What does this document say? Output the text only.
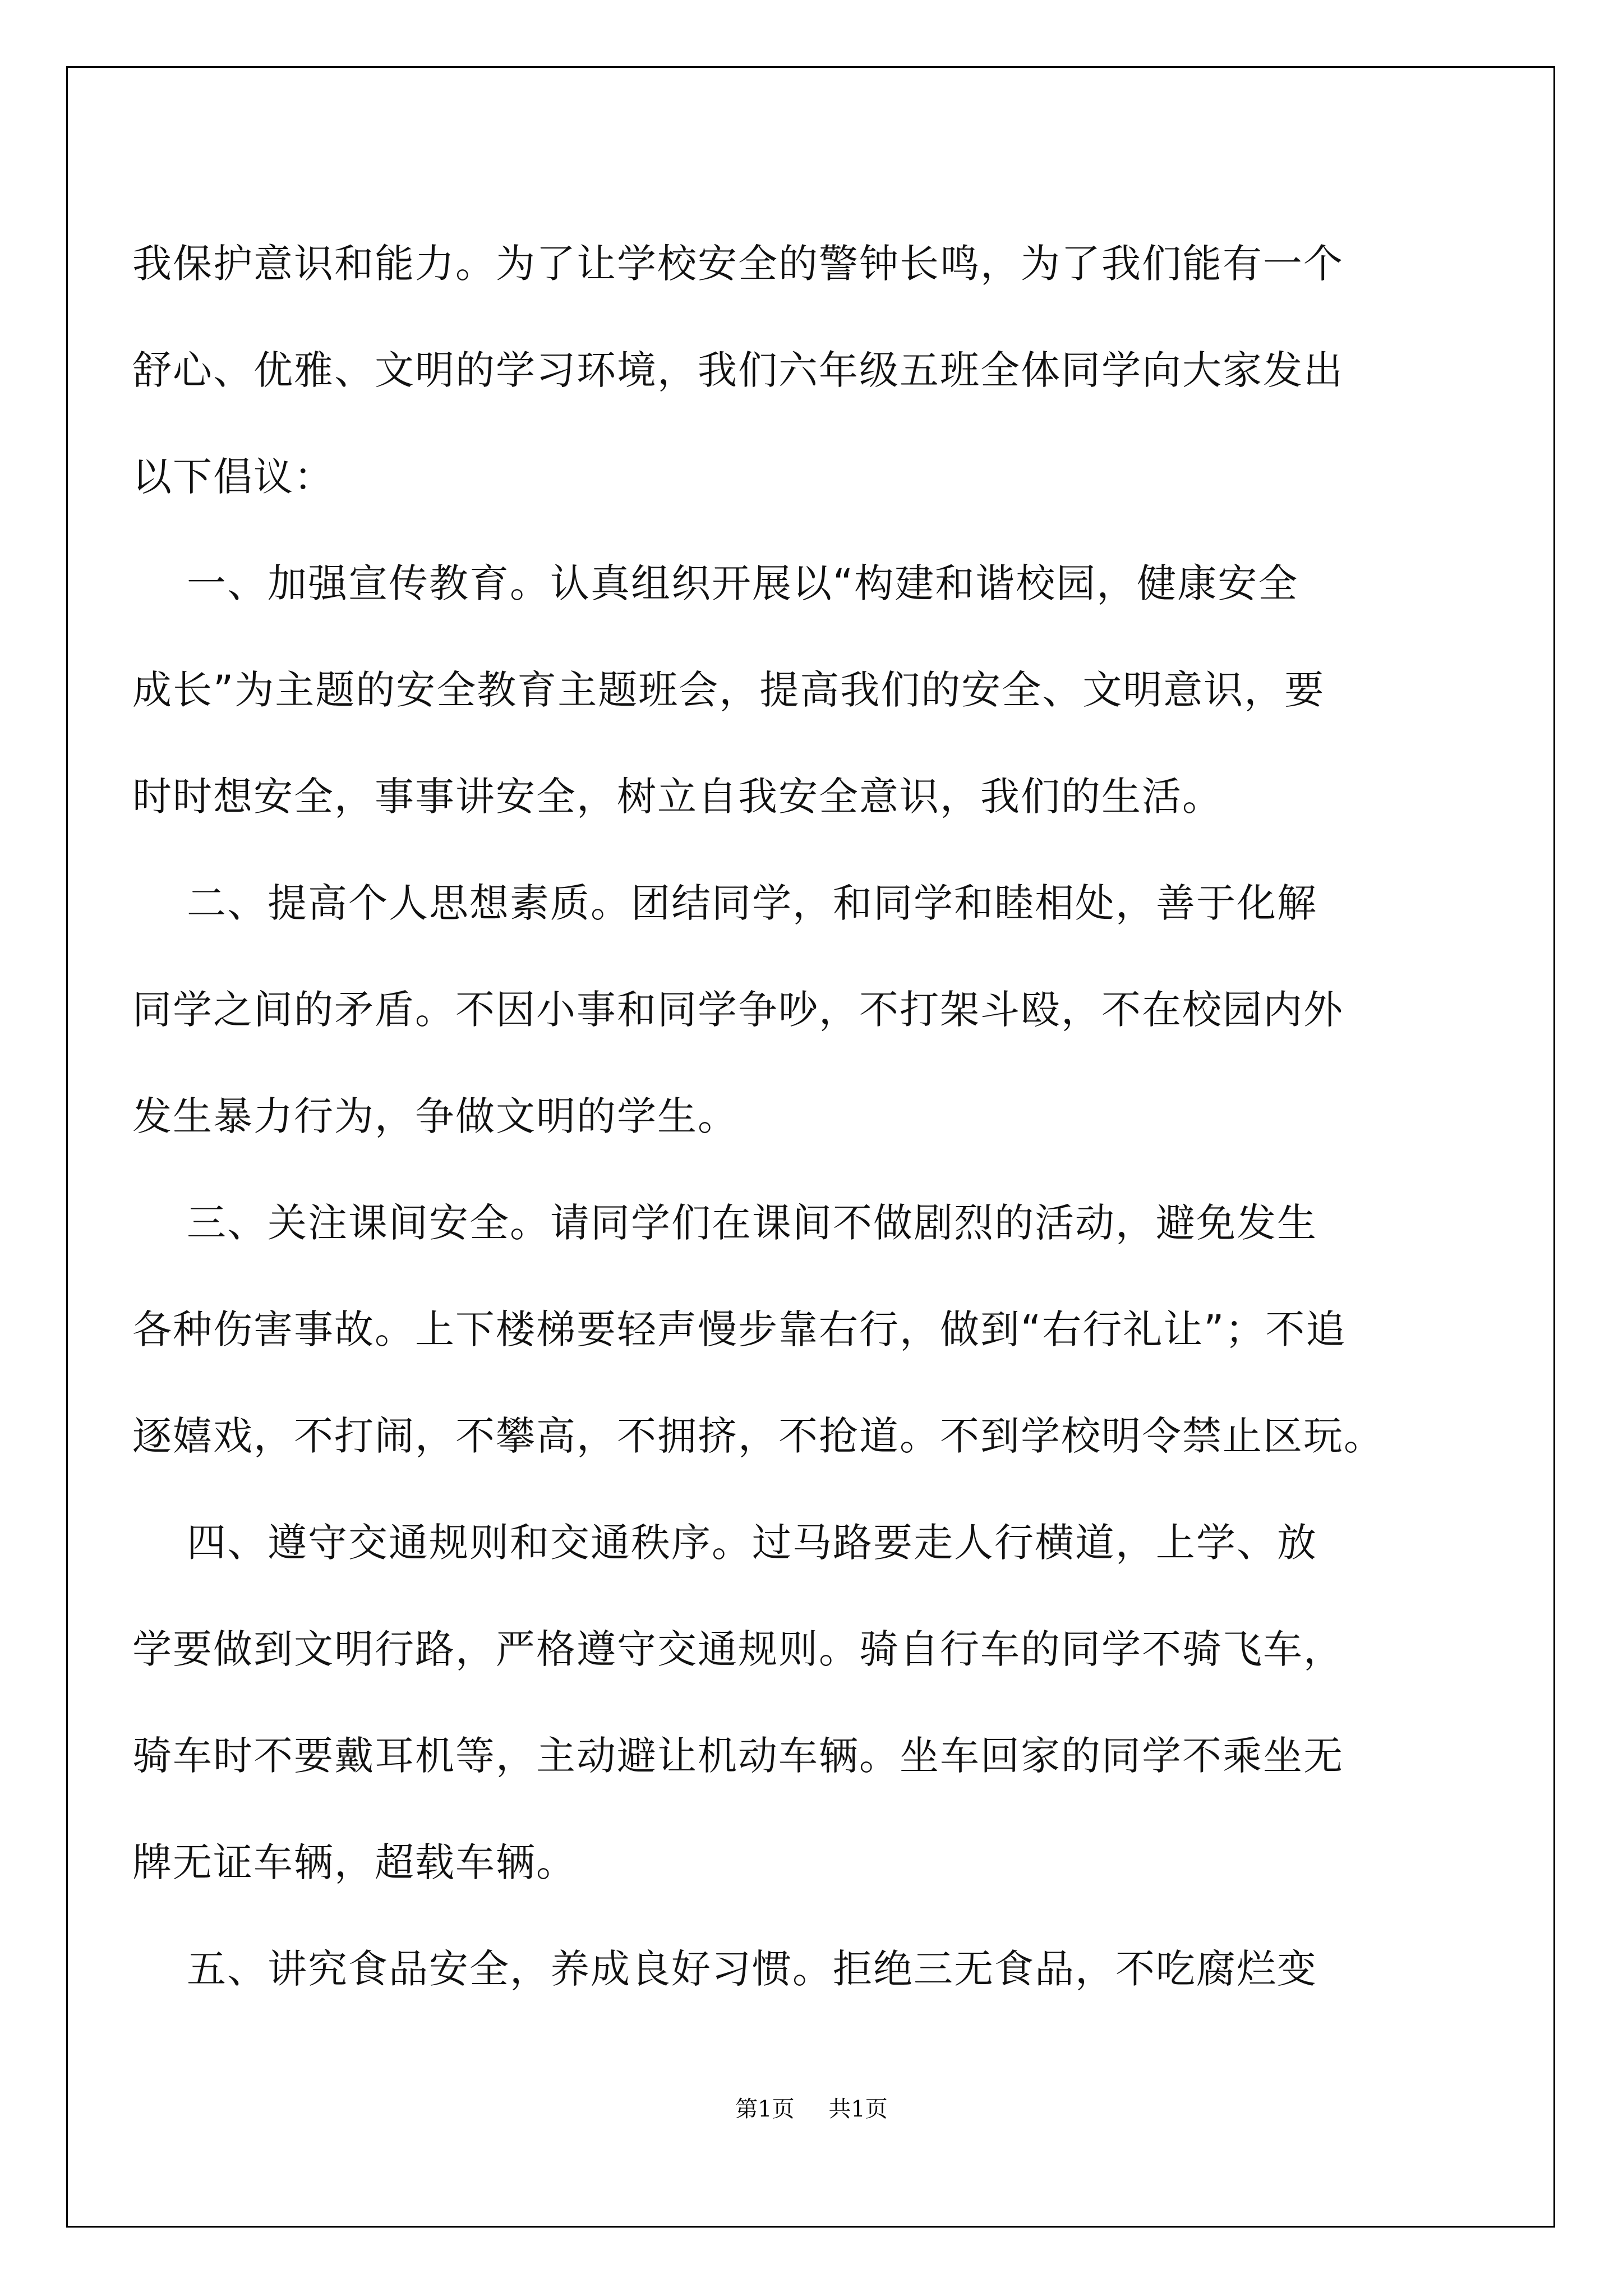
我保护意识和能力。为了让学校安全的警钟长鸣，为了我们能有一个

舒心、优雅、文明的学习环境，我们六年级五班全体同学向大家发出

以下倡议：

一、加强宣传教育。认真组织开展以“构建和谐校园，健康安全

成长”为主题的安全教育主题班会，提高我们的安全、文明意识，要

时时想安全，事事讲安全，树立自我安全意识，我们的生活。

二、提高个人思想素质。团结同学，和同学和睦相处，善于化解

同学之间的矛盾。不因小事和同学争吵，不打架斗殴，不在校园内外

发生暴力行为，争做文明的学生。

三、关注课间安全。请同学们在课间不做剧烈的活动，避免发生

各种伤害事故。上下楼梯要轻声慢步靠右行，做到“右行礼让”；不追

逐嬉戏，不打闹，不攀高，不拥挤，不抢道。不到学校明令禁止区玩。

四、遵守交通规则和交通秩序。过马路要走人行横道，上学、放

学要做到文明行路，严格遵守交通规则。骑自行车的同学不骑飞车，

骑车时不要戴耳机等，主动避让机动车辆。坐车回家的同学不乘坐无

牌无证车辆，超载车辆。

五、讲究食品安全，养成良好习惯。拒绝三无食品，不吃腐烂变

第1页 共1页
